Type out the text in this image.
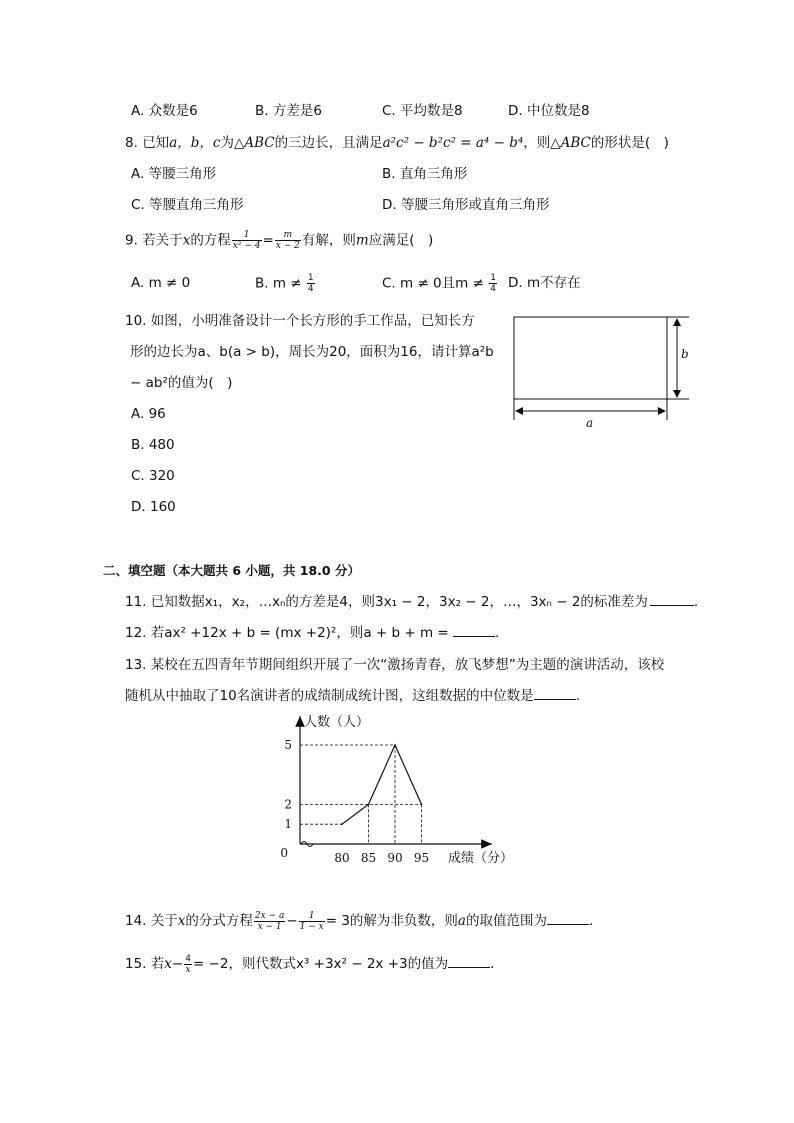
A. 众数是6	B. 方差是6	C. 平均数是8	D. 中位数是8
8. 已知a，b，c为△ABC的三边长，且满足a²c² − b²c² = a⁴ − b⁴，则△ABC的形状是(　)
A. 等腰三角形	B. 直角三角形
C. 等腰直角三角形	D. 等腰三角形或直角三角形
9. 若关于x的方程 $\frac{1}{\text{x² − 4}} = \frac{m}{x - 2}$ 有解，则m应满足(　)
A. m ≠ 0	B. $m \ne \frac{1}{4}$	C. m ≠ 0且$m \ne \frac{1}{4} D$. m不存在
10. 如图，小明准备设计一个长方形的手工作品，已知长方
形的边长为a、b(a > b)，周长为20，面积为16，请计算a²b
− ab²的值为(　)
A. 96
B. 480
C. 320
D. 160
b
a
二、填空题（本大题共 6 小题，共 18.0 分）
11. 已知数据x₁，x₂，…xₙ的方差是4，则3x₁ − 2，3x₂ − 2，…，3xₙ − 2的标准差为	.
12. 若ax² +12x + b = (mx +2)²，则a + b + m =	.
13. 某校在五四青年节期间组织开展了一次“激扬青春，放飞梦想”为主题的演讲活动，该校
随机从中抽取了10名演讲者的成绩制成统计图，这组数据的中位数是	.
80 85 90 95
1
2
5
0
人数（人）
成绩（分）
14. 关于x的分式方程 $\frac{2x - a}{x - 1} - \frac{1}{1 - x} = 3$的解为非负数，则a的取值范围为	.
15. 若$x- \frac{4}{x} = -2$，则代数式x³ +3x² − 2x +3的值为	.
